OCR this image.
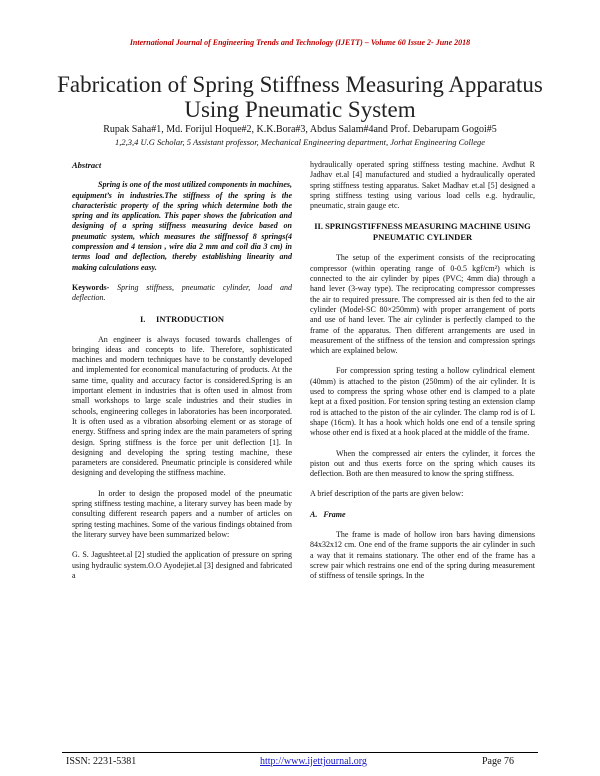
International Journal of Engineering Trends and Technology (IJETT) – Volume 60 Issue 2- June 2018
Fabrication of Spring Stiffness Measuring Apparatus Using Pneumatic System
Rupak Saha#1, Md. Forijul Hoque#2, K.K.Bora#3, Abdus Salam#4and Prof. Debarupam Gogoi#5
1,2,3,4 U.G Scholar, 5 Assistant professor, Mechanical Engineering department, Jorhat Engineering College

Abstract

Spring is one of the most utilized components in machines, equipment’s in industries.The stiffness of the spring is the characteristic property of the spring which determine both the spring and its application. This paper shows the fabrication and designing of a spring stiffness measuring device based on pneumatic system, which measures the stiffnessof 8 springs(4 compression and 4 tension , wire dia 2 mm and coil dia 3 cm) in terms load and deflection, thereby establishing linearity and making calculations easy.

Keywords- Spring stiffness, pneumatic cylinder, load and deflection.

I.     INTRODUCTION

An engineer is always focused towards challenges of bringing ideas and concepts to life. Therefore, sophisticated machines and modern techniques have to be constantly developed and implemented for economical manufacturing of products. At the same time, quality and accuracy factor is considered.Spring is an important element in industries that is often used in almost from small workshops to large scale industries and their studies in schools, engineering colleges in laboratories has been incorporated. It is often used as a vibration absorbing element or as storage of energy. Stiffness and spring index are the main parameters of spring design. Spring stiffness is the force per unit deflection [1]. In designing and developing the spring testing machine, these parameters are considered. Pneumatic principle is considered while designing and developing the stiffness machine.

In order to design the proposed model of the pneumatic spring stiffness testing machine, a literary survey has been made by consulting different research papers and a number of articles on spring testing machines. Some of the various findings obtained from the literary survey have been summarized below:

G. S. Jagushteet.al [2] studied the application of pressure on spring using hydraulic system.O.O Ayodejiet.al [3] designed and fabricated a

hydraulically operated spring stiffness testing machine. Avdhut R Jadhav et.al [4] manufactured and studied a hydraulically operated spring stiffness testing apparatus. Saket Madhav et.al [5] designed a spring stiffness testing using various load cells e.g. hydraulic, pneumatic, strain gauge etc.

II. SPRINGSTIFFNESS MEASURING MACHINE USING PNEUMATIC CYLINDER

The setup of the experiment consists of the reciprocating compressor (within operating range of 0-0.5 kgf/cm²) which is connected to the air cylinder by pipes (PVC; 4mm dia) through a hand lever (3-way type). The reciprocating compressor compresses the air to required pressure. The compressed air is then fed to the air cylinder (Model-SC 80×250mm) with proper arrangement of ports and use of hand lever. The air cylinder is perfectly clamped to the frame of the apparatus. Then different arrangements are used in measurement of the stiffness of the tension and compression springs which are explained below.

For compression spring testing a hollow cylindrical element (40mm) is attached to the piston (250mm) of the air cylinder. It is used to compress the spring whose other end is clamped to a plate kept at a fixed position. For tension spring testing an extension clamp rod is attached to the piston of the air cylinder. The clamp rod is of L shape (16cm). It has a hook which holds one end of a tensile spring whose other end is fixed at a hook placed at the middle of the frame.

When the compressed air enters the cylinder, it forces the piston out and thus exerts force on the spring which causes its deflection. Both are then measured to know the spring stiffness.

A brief description of the parts are given below:

A.   Frame

The frame is made of hollow iron bars having dimensions 84x32x12 cm. One end of the frame supports the air cylinder in such a way that it remains stationary. The other end of the frame has a screw pair which restrains one end of the spring during measurement of stiffness of tensile springs. In the

ISSN: 2231-5381	http://www.ijettjournal.org	Page 76
